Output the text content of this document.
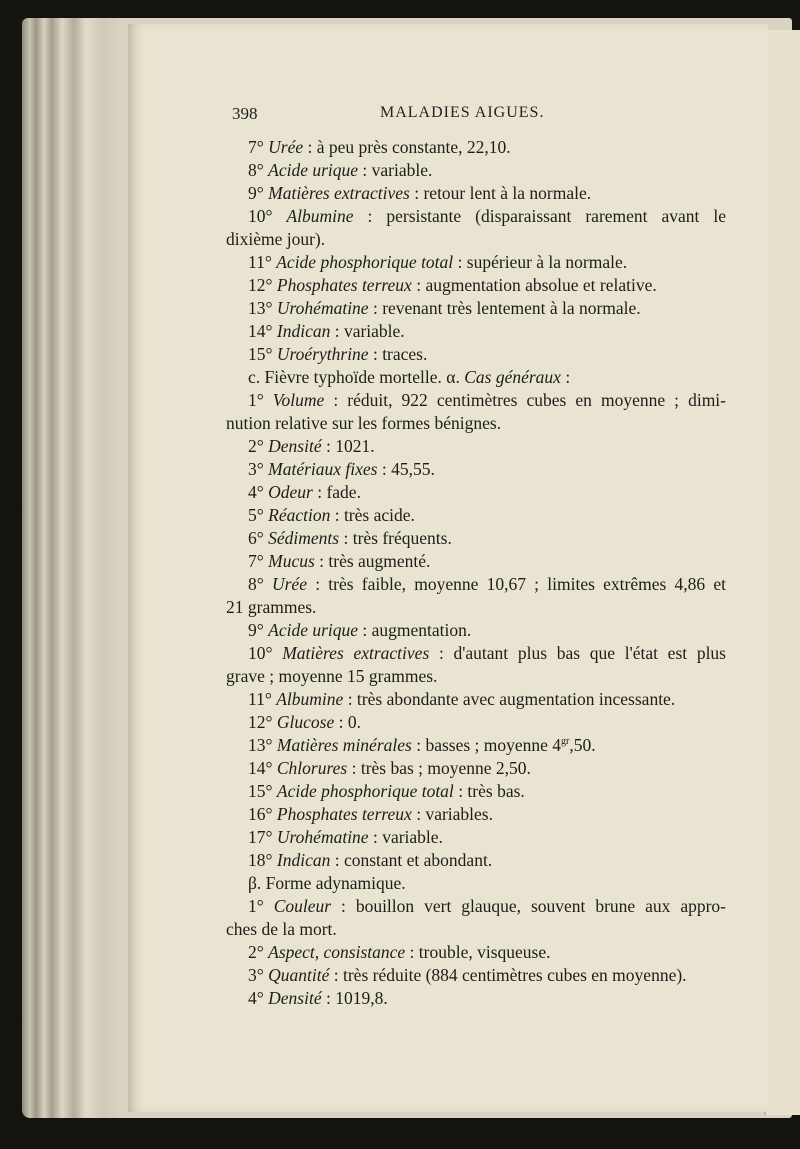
398	MALADIES AIGUES.
7° Urée : à peu près constante, 22,10.
8° Acide urique : variable.
9° Matières extractives : retour lent à la normale.
10° Albumine : persistante (disparaissant rarement avant le
dixième jour).
11° Acide phosphorique total : supérieur à la normale.
12° Phosphates terreux : augmentation absolue et relative.
13° Urohématine : revenant très lentement à la normale.
14° Indican : variable.
15° Uroérythrine : traces.
c. Fièvre typhoïde mortelle. α. Cas généraux :
1° Volume : réduit, 922 centimètres cubes en moyenne ; dimi-
nution relative sur les formes bénignes.
2° Densité : 1021.
3° Matériaux fixes : 45,55.
4° Odeur : fade.
5° Réaction : très acide.
6° Sédiments : très fréquents.
7° Mucus : très augmenté.
8° Urée : très faible, moyenne 10,67 ; limites extrêmes 4,86 et
21 grammes.
9° Acide urique : augmentation.
10° Matières extractives : d'autant plus bas que l'état est plus
grave ; moyenne 15 grammes.
11° Albumine : très abondante avec augmentation incessante.
12° Glucose : 0.
13° Matières minérales : basses ; moyenne $4^{gr},50$.
14° Chlorures : très bas ; moyenne 2,50.
15° Acide phosphorique total : très bas.
16° Phosphates terreux : variables.
17° Urohématine : variable.
18° Indican : constant et abondant.
β. Forme adynamique.
1° Couleur : bouillon vert glauque, souvent brune aux appro-
ches de la mort.
2° Aspect, consistance : trouble, visqueuse.
3° Quantité : très réduite (884 centimètres cubes en moyenne).
4° Densité : 1019,8.
